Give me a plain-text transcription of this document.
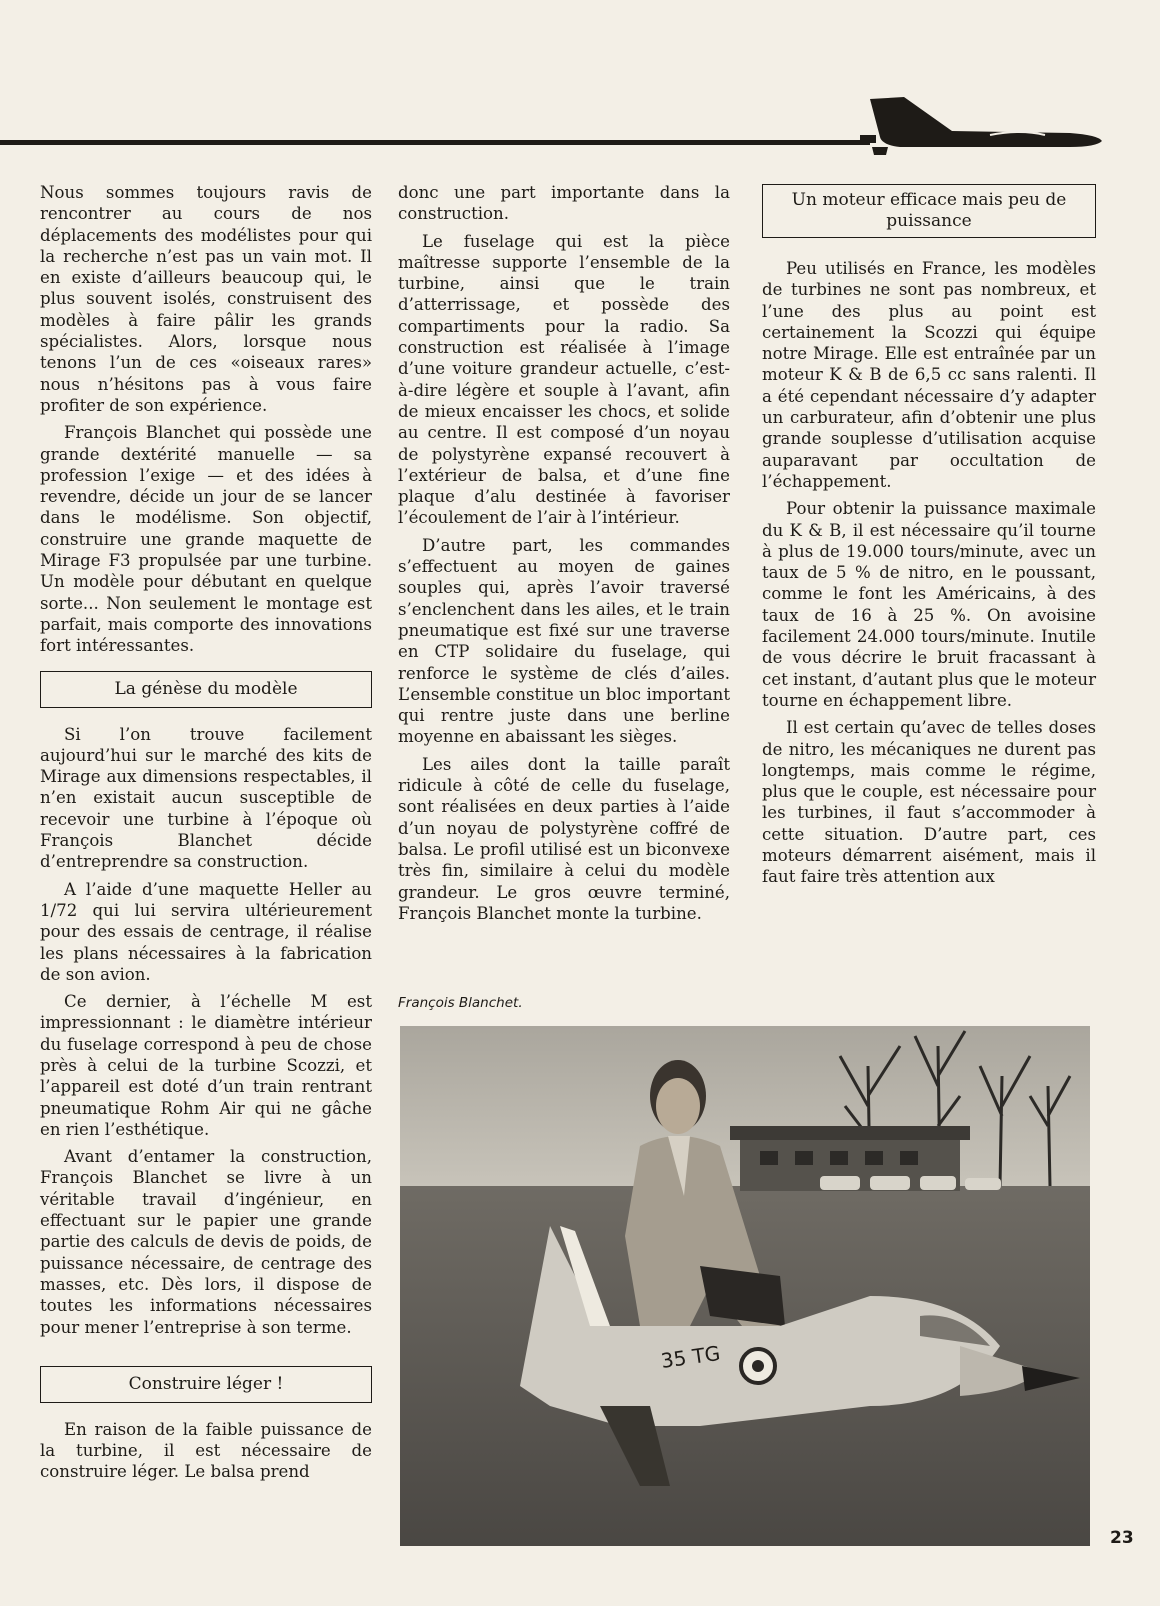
Nous sommes toujours ravis de rencontrer au cours de nos déplacements des modélistes pour qui la recherche n’est pas un vain mot. Il en existe d’ailleurs beaucoup qui, le plus souvent isolés, construisent des modèles à faire pâlir les grands spécialistes. Alors, lorsque nous tenons l’un de ces «oiseaux rares» nous n’hésitons pas à vous faire profiter de son expérience.

François Blanchet qui possède une grande dextérité manuelle — sa profession l’exige — et des idées à revendre, décide un jour de se lancer dans le modélisme. Son objectif, construire une grande maquette de Mirage F3 propulsée par une turbine. Un modèle pour débutant en quelque sorte... Non seulement le montage est parfait, mais comporte des innovations fort intéressantes.

La génèse du modèle

Si l’on trouve facilement aujourd’hui sur le marché des kits de Mirage aux dimensions respectables, il n’en existait aucun susceptible de recevoir une turbine à l’époque où François Blanchet décide d’entreprendre sa construction.

A l’aide d’une maquette Heller au 1/72 qui lui servira ultérieurement pour des essais de centrage, il réalise les plans nécessaires à la fabrication de son avion.

Ce dernier, à l’échelle M est impressionnant : le diamètre intérieur du fuselage correspond à peu de chose près à celui de la turbine Scozzi, et l’appareil est doté d’un train rentrant pneumatique Rohm Air qui ne gâche en rien l’esthétique.

Avant d’entamer la construction, François Blanchet se livre à un véritable travail d’ingénieur, en effectuant sur le papier une grande partie des calculs de devis de poids, de puissance nécessaire, de centrage des masses, etc. Dès lors, il dispose de toutes les informations nécessaires pour mener l’entreprise à son terme.

Construire léger !

En raison de la faible puissance de la turbine, il est nécessaire de construire léger. Le balsa prend

donc une part importante dans la construction.

Le fuselage qui est la pièce maîtresse supporte l’ensemble de la turbine, ainsi que le train d’atterrissage, et possède des compartiments pour la radio. Sa construction est réalisée à l’image d’une voiture grandeur actuelle, c’est-à-dire légère et souple à l’avant, afin de mieux encaisser les chocs, et solide au centre. Il est composé d’un noyau de polystyrène expansé recouvert à l’extérieur de balsa, et d’une fine plaque d’alu destinée à favoriser l’écoulement de l’air à l’intérieur.

D’autre part, les commandes s’effectuent au moyen de gaines souples qui, après l’avoir traversé s’enclenchent dans les ailes, et le train pneumatique est fixé sur une traverse en CTP solidaire du fuselage, qui renforce le système de clés d’ailes. L’ensemble constitue un bloc important qui rentre juste dans une berline moyenne en abaissant les sièges.

Les ailes dont la taille paraît ridicule à côté de celle du fuselage, sont réalisées en deux parties à l’aide d’un noyau de polystyrène coffré de balsa. Le profil utilisé est un biconvexe très fin, similaire à celui du modèle grandeur. Le gros œuvre terminé, François Blanchet monte la turbine.

Un moteur efficace mais peu de puissance

Peu utilisés en France, les modèles de turbines ne sont pas nombreux, et l’une des plus au point est certainement la Scozzi qui équipe notre Mirage. Elle est entraînée par un moteur K & B de 6,5 cc sans ralenti. Il a été cependant nécessaire d’y adapter un carburateur, afin d’obtenir une plus grande souplesse d’utilisation acquise auparavant par occultation de l’échappement.

Pour obtenir la puissance maximale du K & B, il est nécessaire qu’il tourne à plus de 19.000 tours/minute, avec un taux de 5 % de nitro, en le poussant, comme le font les Américains, à des taux de 16 à 25 %. On avoisine facilement 24.000 tours/minute. Inutile de vous décrire le bruit fracassant à cet instant, d’autant plus que le moteur tourne en échappement libre.

Il est certain qu’avec de telles doses de nitro, les mécaniques ne durent pas longtemps, mais comme le régime, plus que le couple, est nécessaire pour les turbines, il faut s’accommoder à cette situation. D’autre part, ces moteurs démarrent aisément, mais il faut faire très attention aux

François Blanchet.
35 TG
23
